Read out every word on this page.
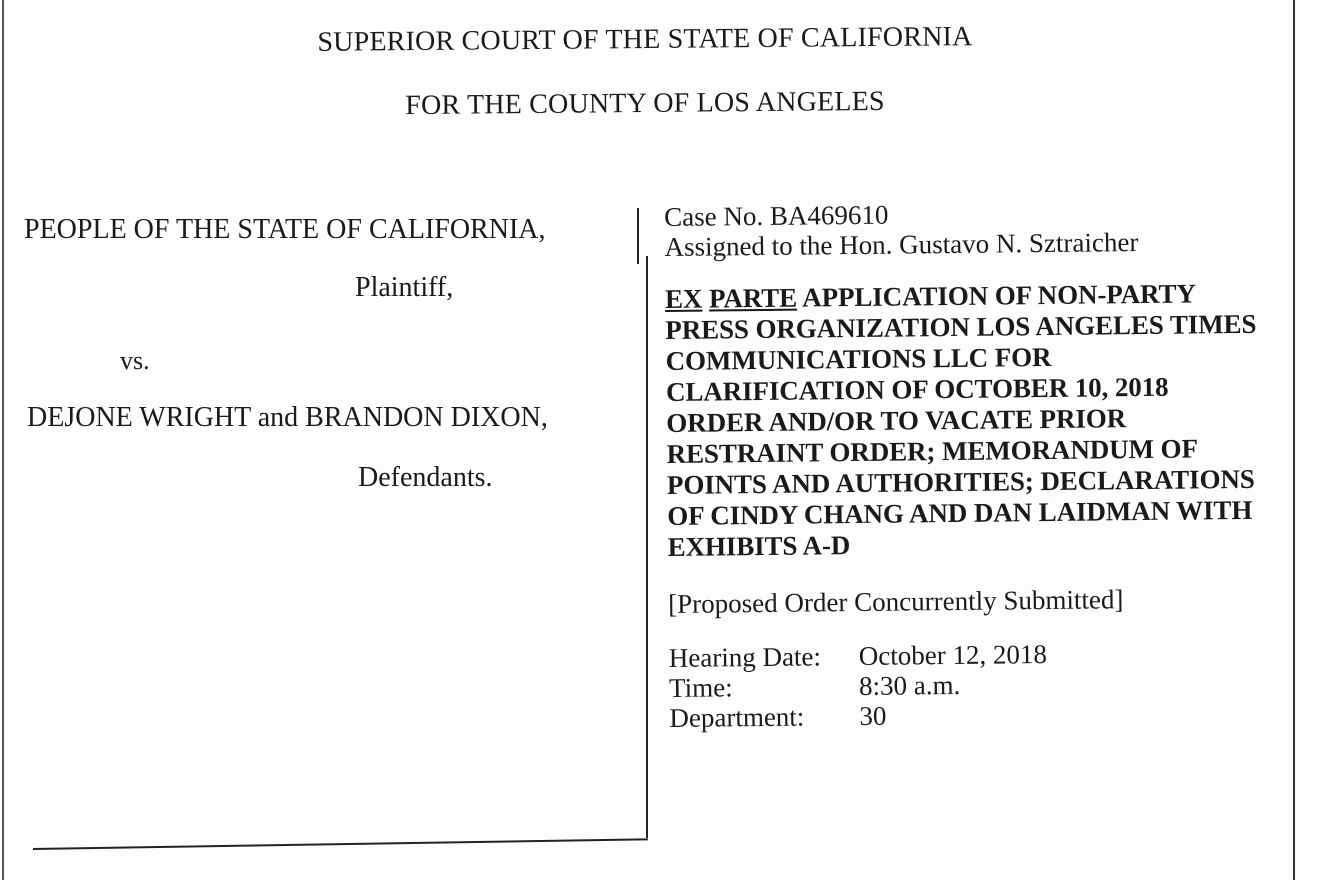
SUPERIOR COURT OF THE STATE OF CALIFORNIA
FOR THE COUNTY OF LOS ANGELES
PEOPLE OF THE STATE OF CALIFORNIA,
Plaintiff,
vs.
DEJONE WRIGHT and BRANDON DIXON,
Defendants.
Case No. BA469610
Assigned to the Hon. Gustavo N. Sztraicher
EX PARTE APPLICATION OF NON-PARTY PRESS ORGANIZATION LOS ANGELES TIMES COMMUNICATIONS LLC FOR CLARIFICATION OF OCTOBER 10, 2018 ORDER AND/OR TO VACATE PRIOR RESTRAINT ORDER; MEMORANDUM OF POINTS AND AUTHORITIES; DECLARATIONS OF CINDY CHANG AND DAN LAIDMAN WITH EXHIBITS A-D
[Proposed Order Concurrently Submitted]
Hearing Date:	October 12, 2018
Time:	8:30 a.m.
Department:	30
